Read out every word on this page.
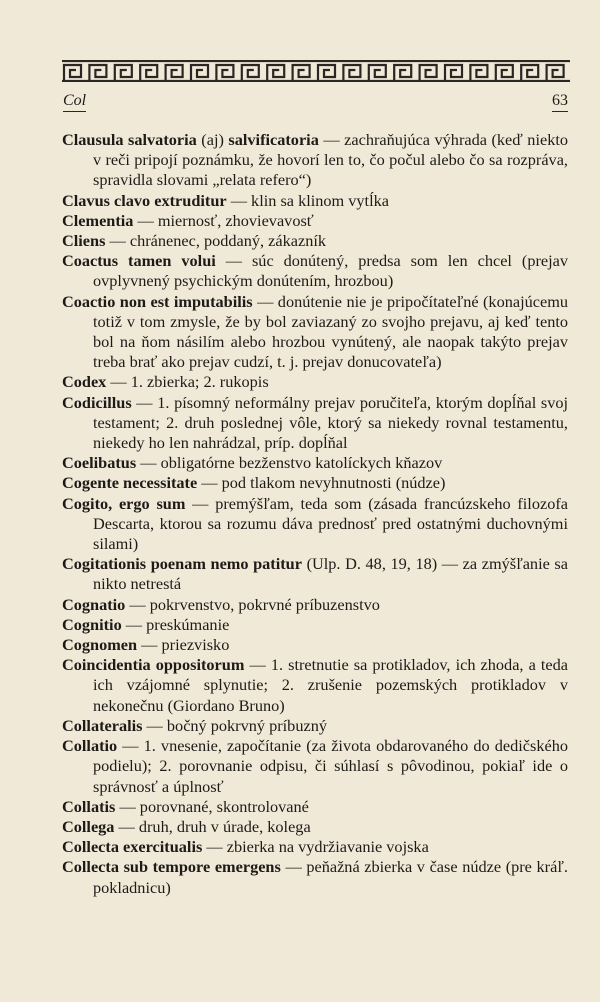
Col	63

Clausula salvatoria (aj) salvificatoria — zachraňujúca výhrada (keď niekto v reči pripojí poznámku, že hovorí len to, čo počul alebo čo sa rozpráva, spravidla slovami „relata refero“)

Clavus clavo extruditur — klin sa klinom vytĺka

Clementia — miernosť, zhovievavosť

Cliens — chránenec, poddaný, zákazník

Coactus tamen volui — súc donútený, predsa som len chcel (prejav ovplyvnený psychickým donútením, hrozbou)

Coactio non est imputabilis — donútenie nie je pripočítateľné (konajúcemu totiž v tom zmysle, že by bol zaviazaný zo svojho prejavu, aj keď tento bol na ňom násilím alebo hrozbou vynútený, ale naopak takýto prejav treba brať ako prejav cudzí, t. j. prejav donucovateľa)

Codex — 1. zbierka; 2. rukopis

Codicillus — 1. písomný neformálny prejav poručiteľa, ktorým dopĺňal svoj testament; 2. druh poslednej vôle, ktorý sa niekedy rovnal testamentu, niekedy ho len nahrádzal, príp. dopĺňal

Coelibatus — obligatórne bezženstvo katolíckych kňazov

Cogente necessitate — pod tlakom nevyhnutnosti (núdze)

Cogito, ergo sum — premýšľam, teda som (zásada francúzskeho filozofa Descarta, ktorou sa rozumu dáva prednosť pred ostatnými duchovnými silami)

Cogitationis poenam nemo patitur (Ulp. D. 48, 19, 18) — za zmýšľanie sa nikto netrestá

Cognatio — pokrvenstvo, pokrvné príbuzenstvo

Cognitio — preskúmanie

Cognomen — priezvisko

Coincidentia oppositorum — 1. stretnutie sa protikladov, ich zhoda, a teda ich vzájomné splynutie; 2. zrušenie pozemských protikladov v nekonečnu (Giordano Bruno)

Collateralis — bočný pokrvný príbuzný

Collatio — 1. vnesenie, započítanie (za života obdarovaného do dedičského podielu); 2. porovnanie odpisu, či súhlasí s pôvodinou, pokiaľ ide o správnosť a úplnosť

Collatis — porovnané, skontrolované

Collega — druh, druh v úrade, kolega

Collecta exercitualis — zbierka na vydržiavanie vojska

Collecta sub tempore emergens — peňažná zbierka v čase núdze (pre kráľ. pokladnicu)
